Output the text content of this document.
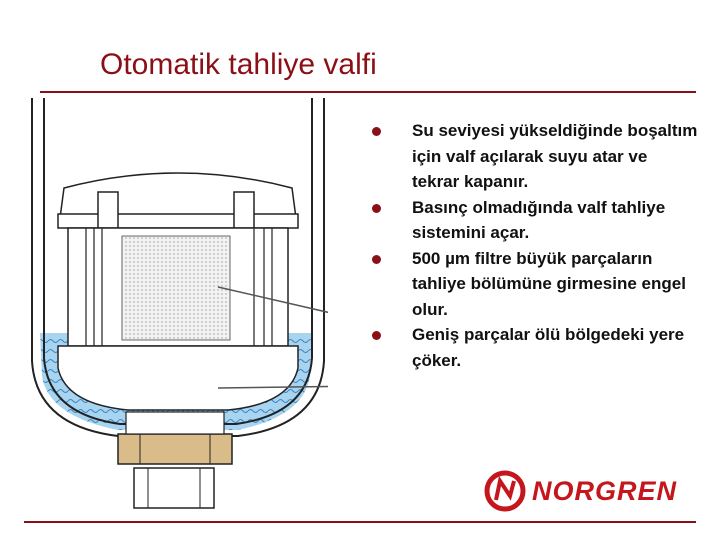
Otomatik tahliye valfi
Su seviyesi yükseldiğinde boşaltım için valf açılarak suyu atar ve tekrar kapanır.
Basınç olmadığında valf tahliye sistemini açar.
500 µm filtre büyük parçaların tahliye bölümüne girmesine engel olur.
Geniş parçalar ölü bölgedeki yere çöker.
NORGREN
